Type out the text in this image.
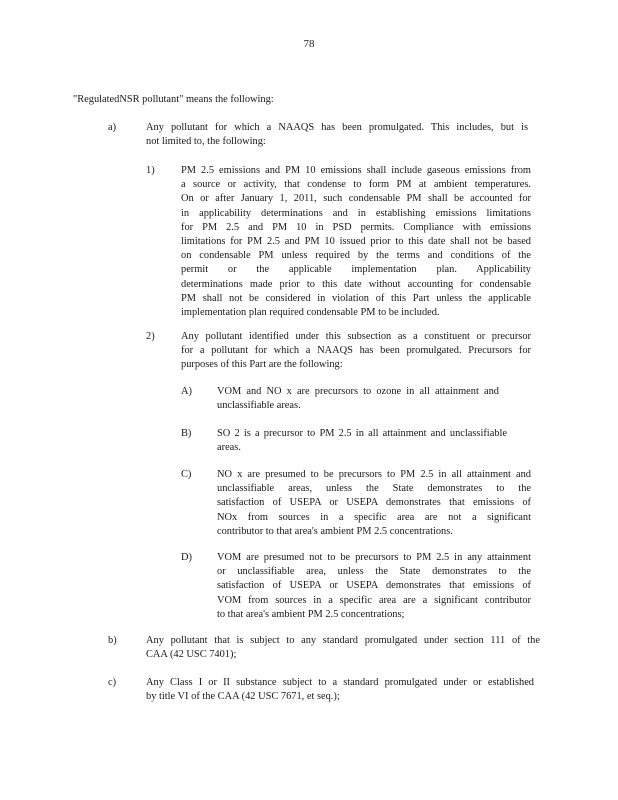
78
"RegulatedNSR pollutant" means the following:
a)	Any pollutant for which a NAAQS has been promulgated. This includes, but is
not limited to, the following:
1)	PM 2.5 emissions and PM 10 emissions shall include gaseous emissions from
a source or activity, that condense to form PM at ambient temperatures.
On or after January 1, 2011, such condensable PM shall be accounted for
in applicability determinations and in establishing emissions limitations
for PM 2.5 and PM 10 in PSD permits. Compliance with emissions
limitations for PM 2.5 and PM 10 issued prior to this date shall not be based
on condensable PM unless required by the terms and conditions of the
permit or the applicable implementation plan. Applicability
determinations made prior to this date without accounting for condensable
PM shall not be considered in violation of this Part unless the applicable
implementation plan required condensable PM to be included.
2)	Any pollutant identified under this subsection as a constituent or precursor
for a pollutant for which a NAAQS has been promulgated. Precursors for
purposes of this Part are the following:
A) VOM and NO x are precursors to ozone in all attainment and
unclassifiable areas.
B) SO 2 is a precursor to PM 2.5 in all attainment and unclassifiable
areas.
C) NO x are presumed to be precursors to PM 2.5 in all attainment and
unclassifiable areas, unless the State demonstrates to the
satisfaction of USEPA or USEPA demonstrates that emissions of
NOx from sources in a specific area are not a significant
contributor to that area's ambient PM 2.5 concentrations.
D) VOM are presumed not to be precursors to PM 2.5 in any attainment
or unclassifiable area, unless the State demonstrates to the
satisfaction of USEPA or USEPA demonstrates that emissions of
VOM from sources in a specific area are a significant contributor
to that area's ambient PM 2.5 concentrations;
b)	Any pollutant that is subject to any standard promulgated under section 111 of the
CAA (42 USC 7401);
c)	Any Class I or II substance subject to a standard promulgated under or established
by title VI of the CAA (42 USC 7671, et seq.);
